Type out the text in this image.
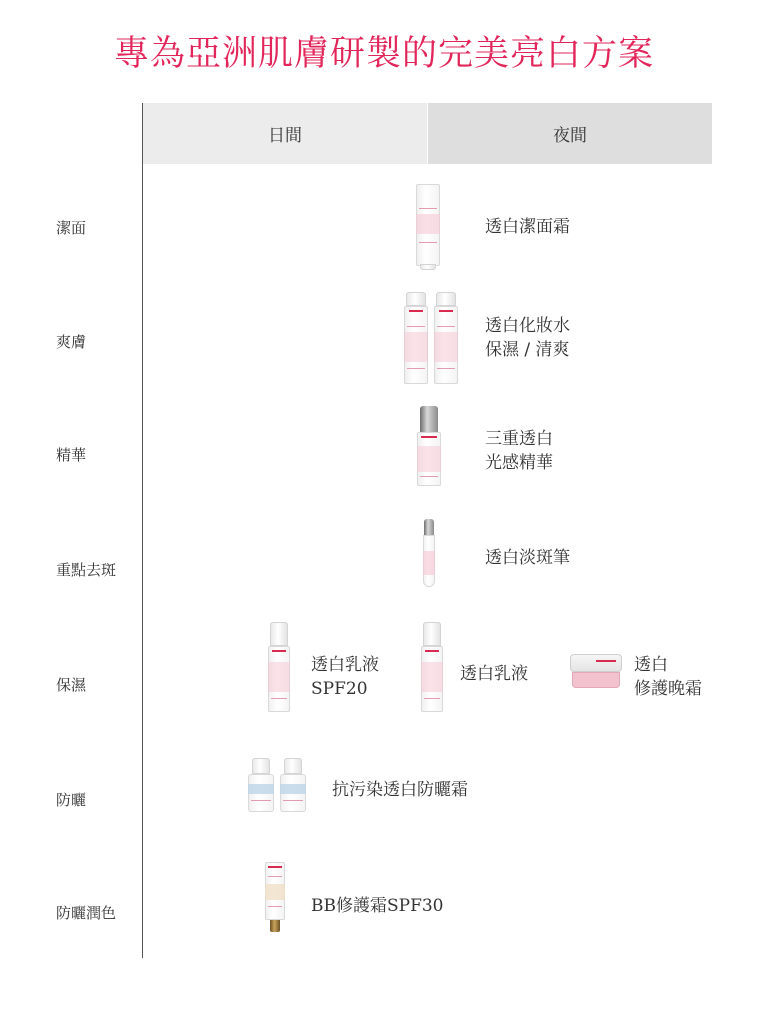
專為亞洲肌膚研製的完美亮白方案
日間	夜間
潔面
爽膚
精華
重點去斑
保濕
防曬
防曬潤色
透白潔面霜
透白化妝水
保濕 / 清爽
三重透白
光感精華
透白淡斑筆
透白乳液
SPF20
透白乳液	透白
修護晚霜
抗污染透白防曬霜
BB修護霜SPF30
